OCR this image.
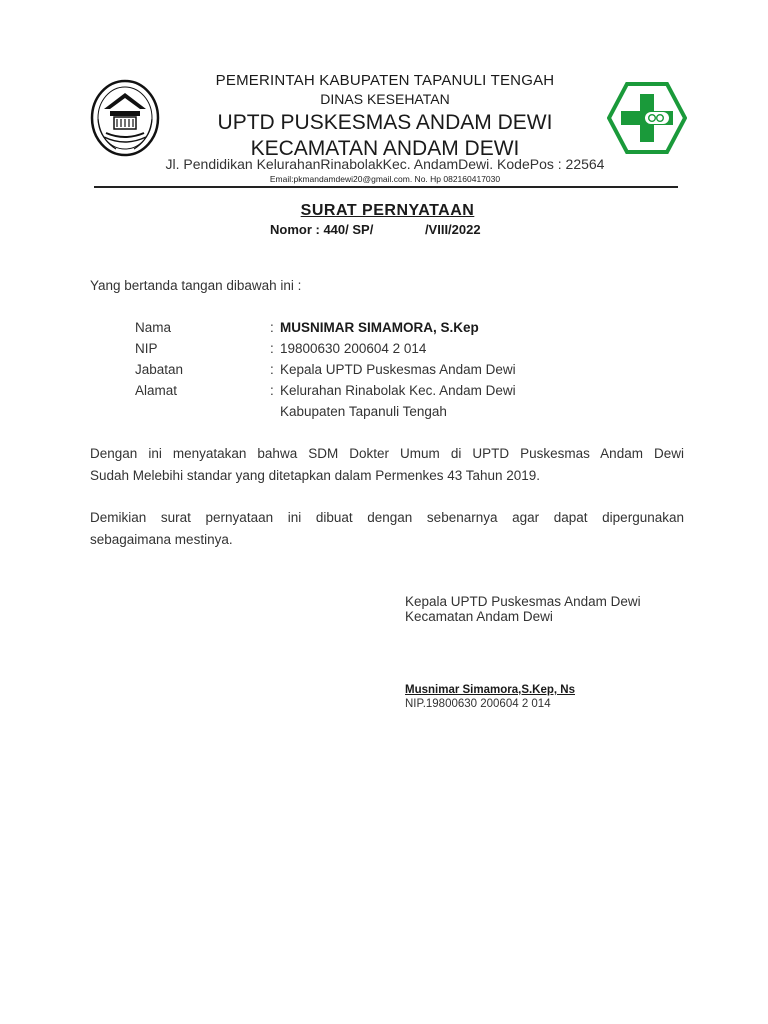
PEMERINTAH KABUPATEN TAPANULI TENGAH
DINAS KESEHATAN
UPTD PUSKESMAS ANDAM DEWI
KECAMATAN ANDAM DEWI
Jl. Pendidikan KelurahanRinabolakKec. AndamDewi. KodePos : 22564
Email:pkmandamdewi20@gmail.com. No. Hp 082160417030
SURAT PERNYATAAN
Nomor : 440/ SP/	/VIII/2022
Yang bertanda tangan dibawah ini :
Nama	: MUSNIMAR SIMAMORA, S.Kep
NIP	: 19800630 200604 2 014
Jabatan	: Kepala UPTD Puskesmas Andam Dewi
Alamat	: Kelurahan Rinabolak Kec. Andam Dewi
Kabupaten Tapanuli Tengah
Dengan ini menyatakan bahwa SDM Dokter Umum di UPTD Puskesmas Andam Dewi
Sudah Melebihi standar yang ditetapkan dalam Permenkes 43 Tahun 2019.
Demikian surat pernyataan ini dibuat dengan sebenarnya agar dapat dipergunakan
sebagaimana mestinya.
Kepala UPTD Puskesmas Andam Dewi
Kecamatan Andam Dewi
Musnimar Simamora,S.Kep, Ns
NIP.19800630 200604 2 014
